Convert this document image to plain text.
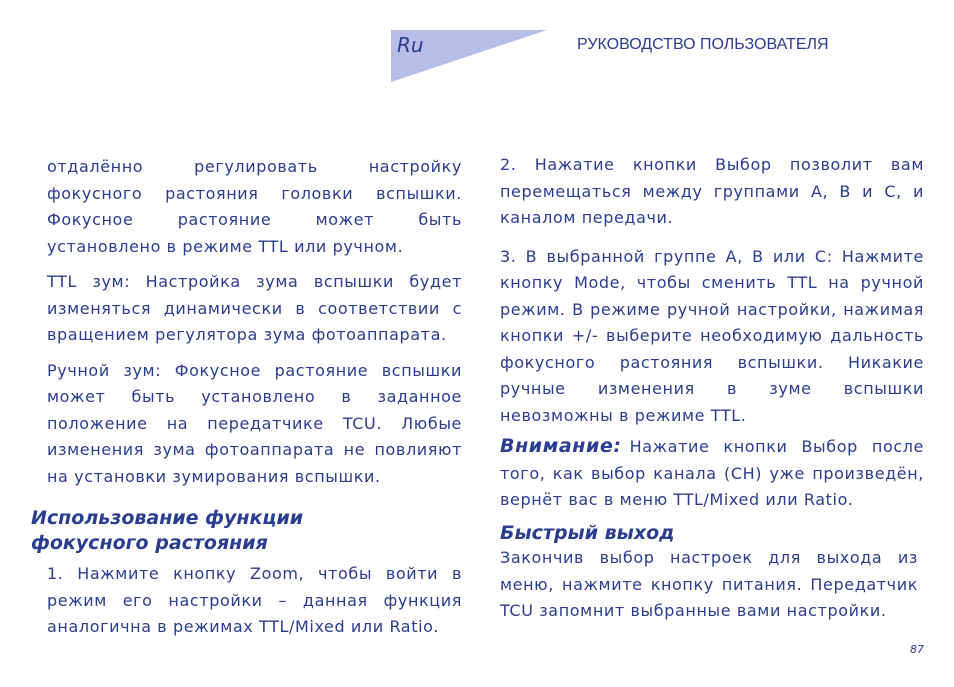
Ru	РУКОВОДСТВО ПОЛЬЗОВАТЕЛЯ

отдалённо регулировать настройку фокусного растояния головки вспышки. Фокусное растояние может быть установлено в режиме TTL или ручном.

TTL зум: Настройка зума вспышки будет изменяться динамически в соответствии с вращением регулятора зума фотоаппарата.

Ручной зум: Фокусное растояние вспышки может быть установлено в заданное положение на передатчике TCU. Любые изменения зума фотоаппарата не повлияют на установки зумирования вспышки.

Использование функции
фокусного растояния

1. Нажмите кнопку Zoom, чтобы войти в режим его настройки – данная функция аналогична в режимах TTL/Mixed или Ratio.

2. Нажатие кнопки Выбор позволит вам перемещаться между группами A, B и C, и каналом передачи.

3. В выбранной группе A, B или C: Нажмите кнопку Mode, чтобы сменить TTL на ручной режим. В режиме ручной настройки, нажимая кнопки +/- выберите необходимую дальность фокусного растояния вспышки. Никакие ручные изменения в зуме вспышки невозможны в режиме TTL.

Внимание: Нажатие кнопки Выбор после того, как выбор канала (CH) уже произведён, вернёт вас в меню TTL/Mixed или Ratio.

Быстрый выход

Закончив выбор настроек для выхода из меню, нажмите кнопку питания. Передатчик TCU запомнит выбранные вами настройки.

87
